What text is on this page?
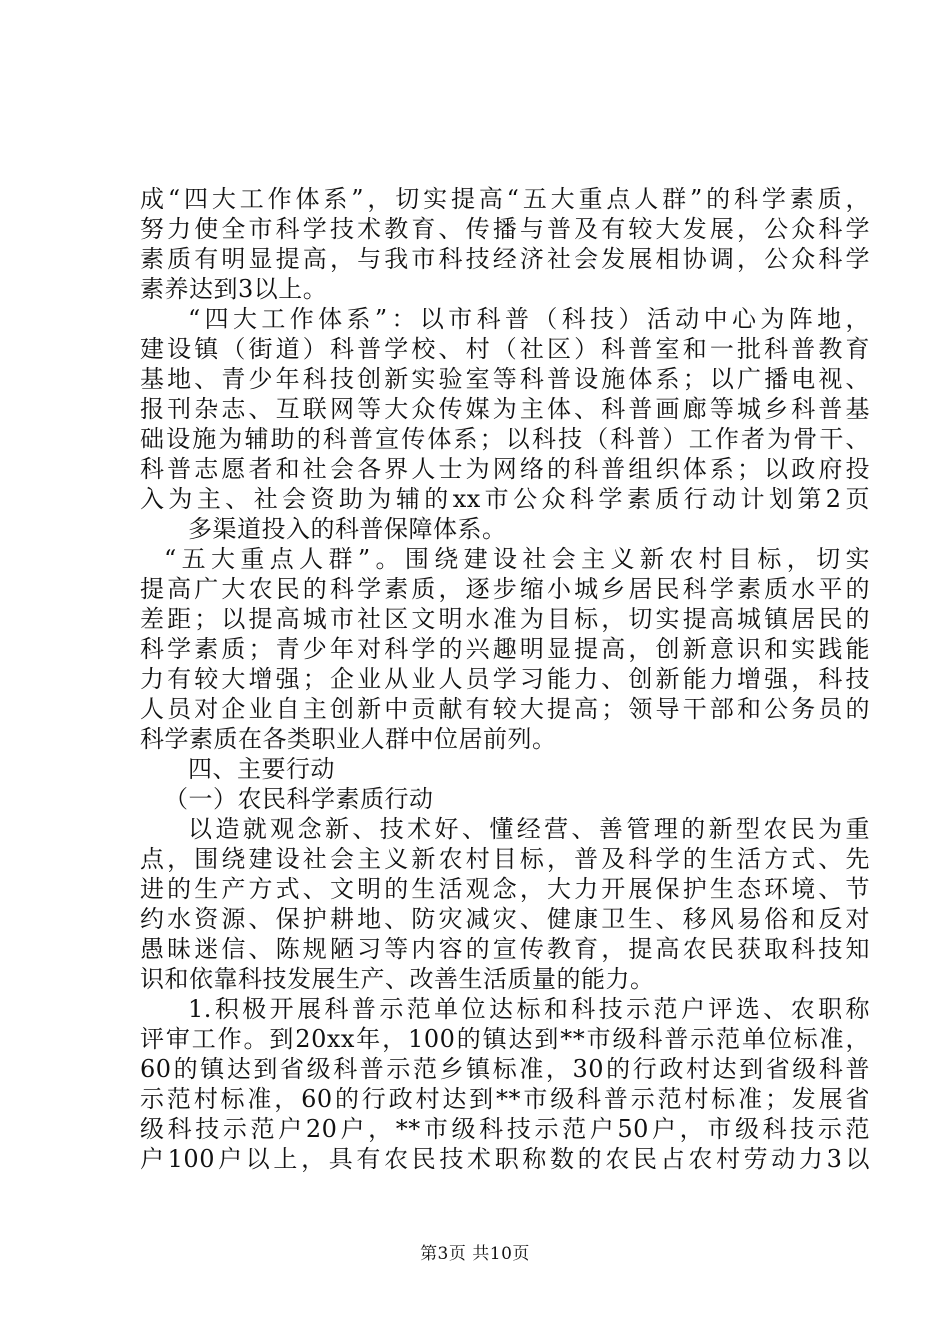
成“四大工作体系”，切实提高“五大重点人群”的科学素质，
努力使全市科学技术教育、传播与普及有较大发展，公众科学
素质有明显提高，与我市科技经济社会发展相协调，公众科学
素养达到3以上。
“四大工作体系”：以市科普（科技）活动中心为阵地，
建设镇（街道）科普学校、村（社区）科普室和一批科普教育
基地、青少年科技创新实验室等科普设施体系；以广播电视、
报刊杂志、互联网等大众传媒为主体、科普画廊等城乡科普基
础设施为辅助的科普宣传体系；以科技（科普）工作者为骨干、
科普志愿者和社会各界人士为网络的科普组织体系；以政府投
入为主、社会资助为辅的xx市公众科学素质行动计划第2页
多渠道投入的科普保障体系。
“五大重点人群”。围绕建设社会主义新农村目标，切实
提高广大农民的科学素质，逐步缩小城乡居民科学素质水平的
差距；以提高城市社区文明水准为目标，切实提高城镇居民的
科学素质；青少年对科学的兴趣明显提高，创新意识和实践能
力有较大增强；企业从业人员学习能力、创新能力增强，科技
人员对企业自主创新中贡献有较大提高；领导干部和公务员的
科学素质在各类职业人群中位居前列。
四、主要行动
（一）农民科学素质行动
以造就观念新、技术好、懂经营、善管理的新型农民为重
点，围绕建设社会主义新农村目标，普及科学的生活方式、先
进的生产方式、文明的生活观念，大力开展保护生态环境、节
约水资源、保护耕地、防灾减灾、健康卫生、移风易俗和反对
愚昧迷信、陈规陋习等内容的宣传教育，提高农民获取科技知
识和依靠科技发展生产、改善生活质量的能力。
1.积极开展科普示范单位达标和科技示范户评选、农职称
评审工作。到20xx年，100的镇达到**市级科普示范单位标准，
60的镇达到省级科普示范乡镇标准，30的行政村达到省级科普
示范村标准，60的行政村达到**市级科普示范村标准；发展省
级科技示范户20户，**市级科技示范户50户，市级科技示范
户100户以上，具有农民技术职称数的农民占农村劳动力3以
第3页 共10页
